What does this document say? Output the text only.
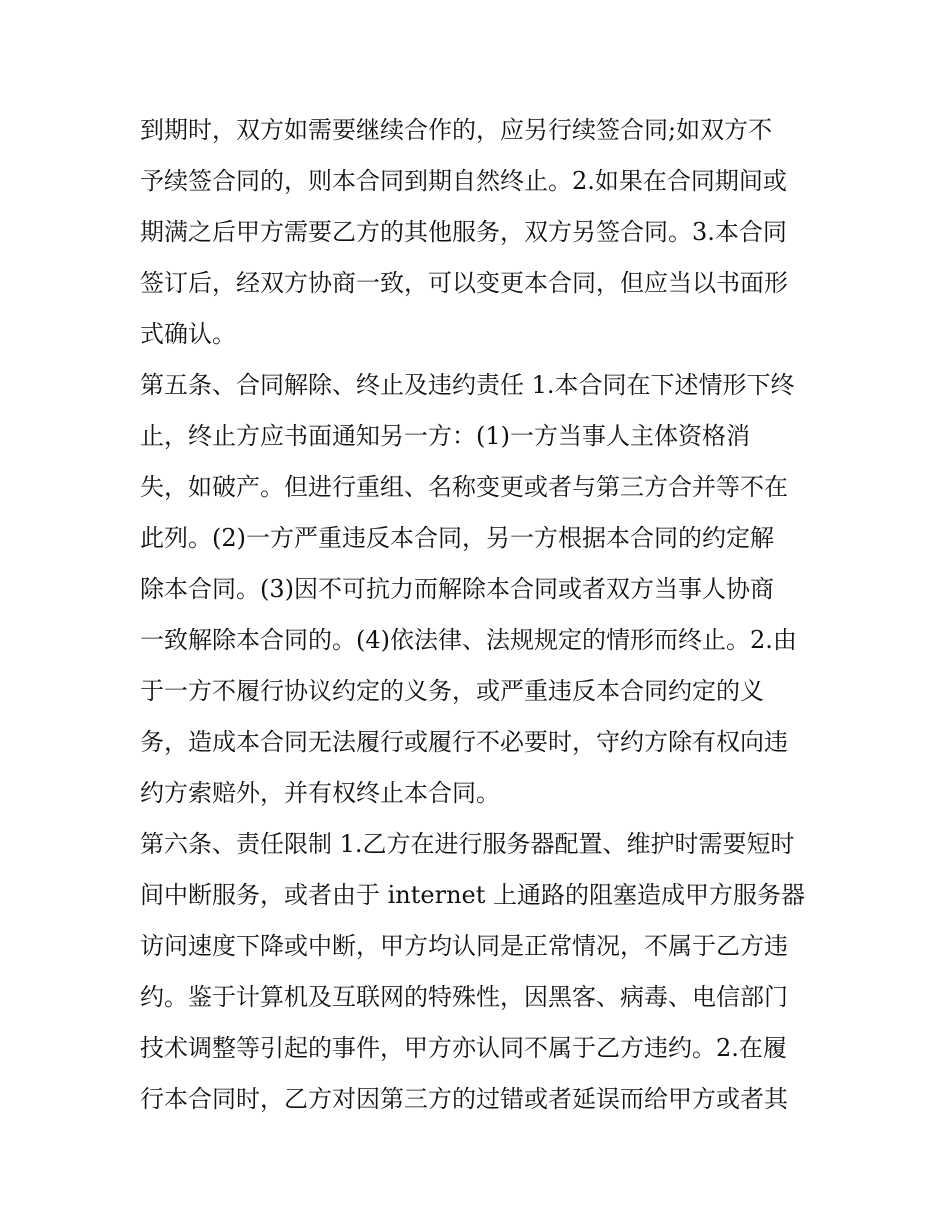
到期时，双方如需要继续合作的，应另行续签合同;如双方不
予续签合同的，则本合同到期自然终止。2.如果在合同期间或
期满之后甲方需要乙方的其他服务，双方另签合同。3.本合同
签订后，经双方协商一致，可以变更本合同，但应当以书面形
式确认。
第五条、合同解除、终止及违约责任 1.本合同在下述情形下终
止，终止方应书面通知另一方：(1)一方当事人主体资格消
失，如破产。但进行重组、名称变更或者与第三方合并等不在
此列。(2)一方严重违反本合同，另一方根据本合同的约定解
除本合同。(3)因不可抗力而解除本合同或者双方当事人协商
一致解除本合同的。(4)依法律、法规规定的情形而终止。2.由
于一方不履行协议约定的义务，或严重违反本合同约定的义
务，造成本合同无法履行或履行不必要时，守约方除有权向违
约方索赔外，并有权终止本合同。
第六条、责任限制 1.乙方在进行服务器配置、维护时需要短时
间中断服务，或者由于 internet 上通路的阻塞造成甲方服务器
访问速度下降或中断，甲方均认同是正常情况，不属于乙方违
约。鉴于计算机及互联网的特殊性，因黑客、病毒、电信部门
技术调整等引起的事件，甲方亦认同不属于乙方违约。2.在履
行本合同时，乙方对因第三方的过错或者延误而给甲方或者其
